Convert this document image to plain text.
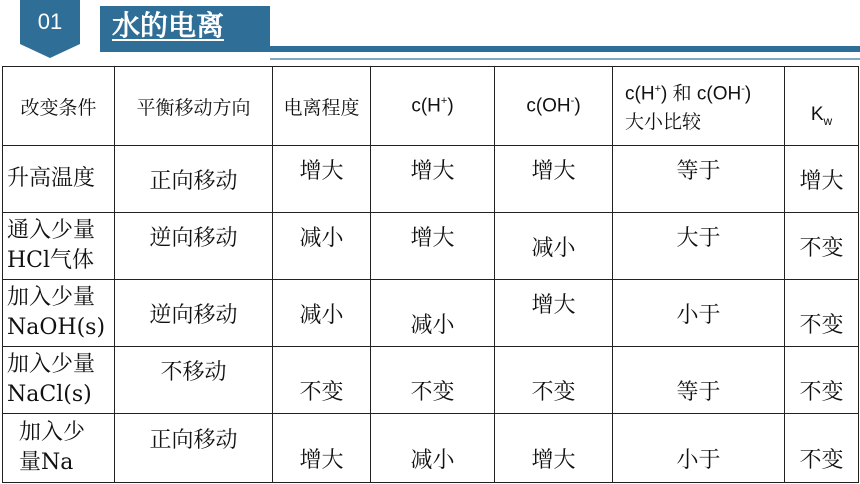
01	水的电离
改变条件	平衡移动方向	电离程度	c(H+)	c(OH-)	c(H+) 和 c(OH-)
大小比较	$K_w$

升高温度	正向移动	增大	增大	增大	等于	增大

通入少量
HCl气体	逆向移动	减小	增大	减小	大于	不变

加入少量
NaOH(s)	逆向移动	减小	减小	增大	小于	不变

加入少量
NaCl(s)	不移动	不变	不变	不变	等于	不变

加入少
量Na	正向移动	增大	减小	增大	小于	不变
